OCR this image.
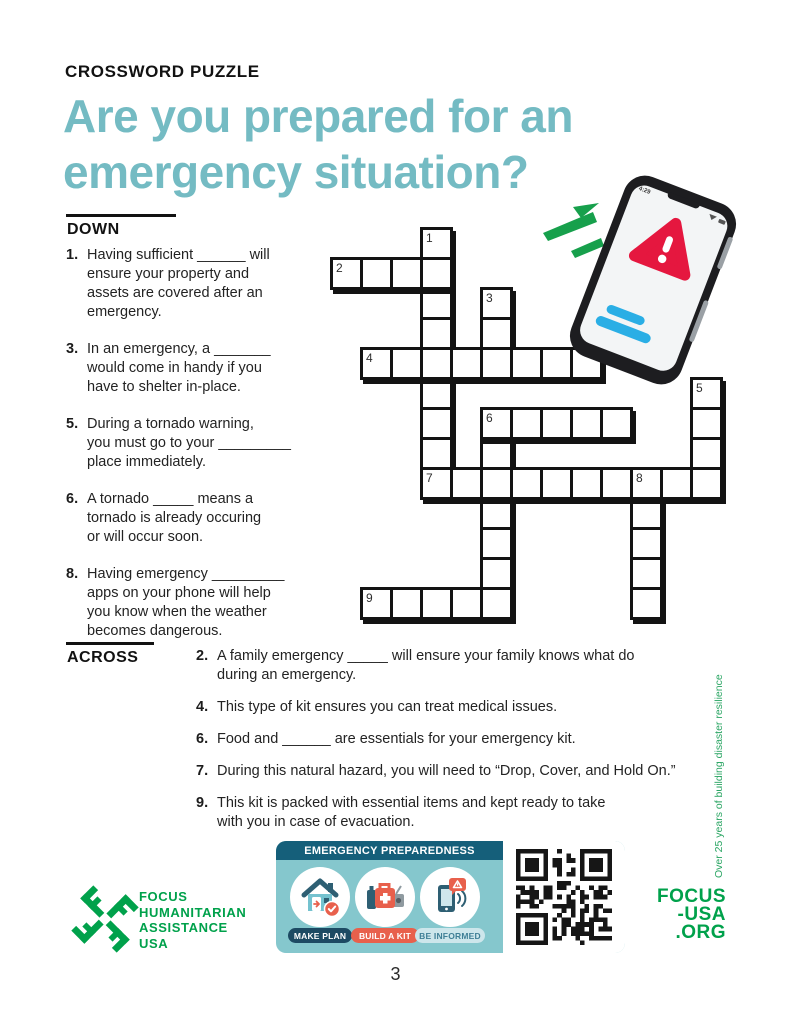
CROSSWORD PUZZLE
Are you prepared for an
emergency situation?
DOWN
1. Having sufficient ______ will
ensure your property and
assets are covered after an
emergency.
3. In an emergency, a _______
would come in handy if you
have to shelter in-place.
5. During a tornado warning,
you must go to your _________
place immediately.
6. A tornado _____ means a
tornado is already occuring
or will occur soon.
8. Having emergency _________
apps on your phone will help
you know when the weather
becomes dangerous.
ACROSS	2. A family emergency _____ will ensure your family knows what do
during an emergency.
4. This type of kit ensures you can treat medical issues.
6. Food and ______ are essentials for your emergency kit.
7. During this natural hazard, you will need to “Drop, Cover, and Hold On.”
9. This kit is packed with essential items and kept ready to take
with you in case of evacuation.
1
2
3
4
5
6
7	8
9
4:29
EMERGENCY PREPAREDNESS
MAKE PLAN BUILD A KIT BE INFORMED
FOCUS
HUMANITARIAN
ASSISTANCE
USA
FOCUS
-USA
.ORG
Over 25 years of building disaster resilience
3
